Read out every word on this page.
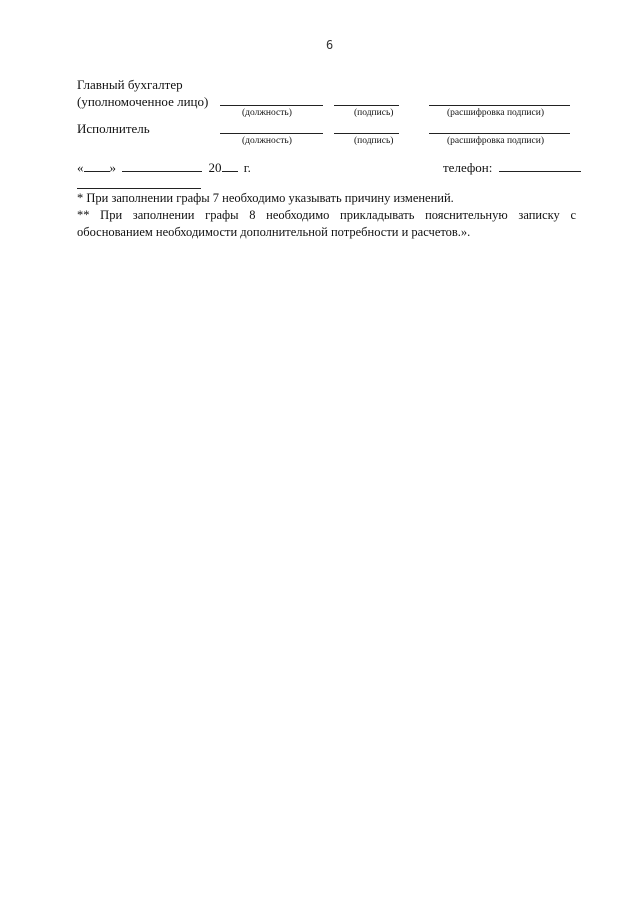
6
Главный бухгалтер
(уполномоченное лицо)
(должность)	(подпись)	(расшифровка подписи)
Исполнитель
(должность)	(подпись)	(расшифровка подписи)
« »	20 г.	телефон:
* При заполнении графы 7 необходимо указывать причину изменений.
** При заполнении графы 8 необходимо прикладывать пояснительную записку с
обоснованием необходимости дополнительной потребности и расчетов.».
